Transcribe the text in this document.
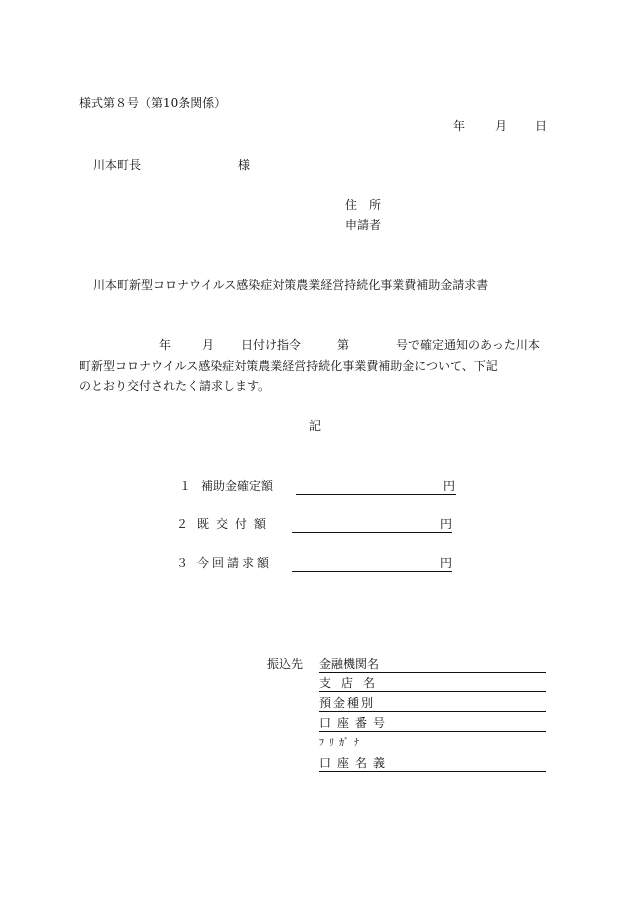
様式第８号（第10条関係）
年 月 日
川本町長	様
住　所
申請者
川本町新型コロナウイルス感染症対策農業経営持続化事業費補助金請求書
年	月 日付け指令	第	号で確定通知のあった川本
町新型コロナウイルス感染症対策農業経営持続化事業費補助金について、下記
のとおり交付されたく請求します。
記
１ 補助金確定額	円
２ 既交付額	円
３ 今回請求額	円
振込先 金融機関名
支店名
預金種別
口座番号
ﾌﾘｶﾞﾅ
口座名義
